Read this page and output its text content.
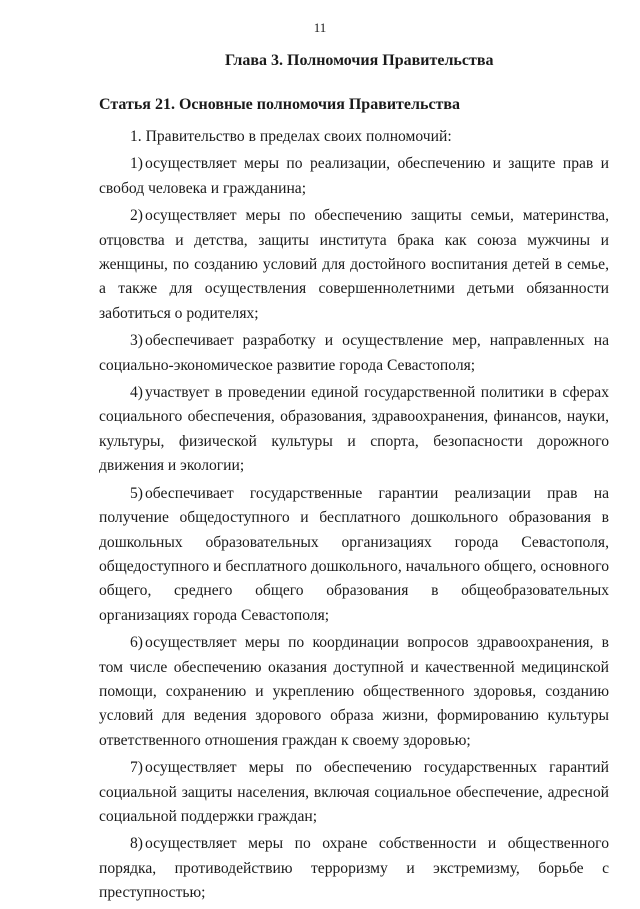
11
Глава 3. Полномочия Правительства
Статья 21. Основные полномочия Правительства

1. Правительство в пределах своих полномочий:

1) осуществляет меры по реализации, обеспечению и защите прав и свобод человека и гражданина;

2) осуществляет меры по обеспечению защиты семьи, материнства, отцовства и детства, защиты института брака как союза мужчины и женщины, по созданию условий для достойного воспитания детей в семье, а также для осуществления совершеннолетними детьми обязанности заботиться о родителях;

3) обеспечивает разработку и осуществление мер, направленных на социально-экономическое развитие города Севастополя;

4) участвует в проведении единой государственной политики в сферах социального обеспечения, образования, здравоохранения, финансов, науки, культуры, физической культуры и спорта, безопасности дорожного движения и экологии;

5) обеспечивает государственные гарантии реализации прав на получение общедоступного и бесплатного дошкольного образования в дошкольных образовательных организациях города Севастополя, общедоступного и бесплатного дошкольного, начального общего, основного общего, среднего общего образования в общеобразовательных организациях города Севастополя;

6) осуществляет меры по координации вопросов здравоохранения, в том числе обеспечению оказания доступной и качественной медицинской помощи, сохранению и укреплению общественного здоровья, созданию условий для ведения здорового образа жизни, формированию культуры ответственного отношения граждан к своему здоровью;

7) осуществляет меры по обеспечению государственных гарантий социальной защиты населения, включая социальное обеспечение, адресной социальной поддержки граждан;

8) осуществляет меры по охране собственности и общественного порядка, противодействию терроризму и экстремизму, борьбе с преступностью;
